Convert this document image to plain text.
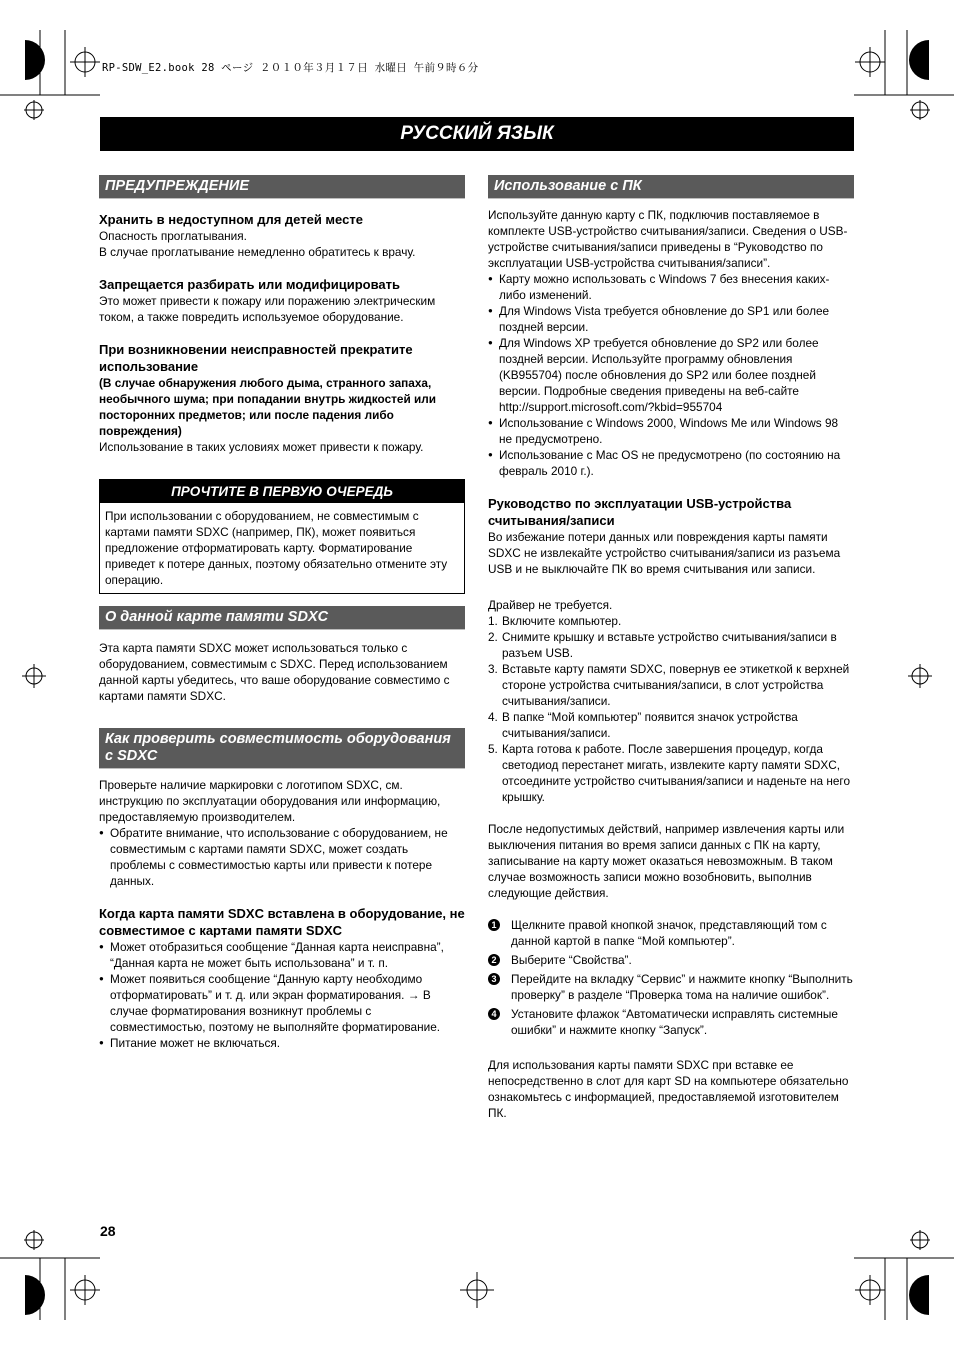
RP-SDW_E2.book 28 ページ ２０１０年３月１７日 水曜日 午前９時６分
РУССКИЙ ЯЗЫК
ПРЕДУПРЕЖДЕНИЕ

Хранить в недоступном для детей месте

Опасность проглатывания.

В случае проглатывание немедленно обратитесь к врачу.

Запрещается разбирать или модифицировать

Это может привести к пожару или поражению электрическим током, а также повредить используемое оборудование.

При возникновении неисправностей прекратите использование

(В случае обнаружения любого дыма, странного запаха, необычного шума; при попадании внутрь жидкостей или посторонних предметов; или после падения либо повреждения)

Использование в таких условиях может привести к пожару.

ПРОЧТИТЕ В ПЕРВУЮ ОЧЕРЕДЬ

При использовании с оборудованием, не совместимым с картами памяти SDXC (например, ПК), может появиться предложение отформатировать карту. Форматирование приведет к потере данных, поэтому обязательно отмените эту операцию.

О данной карте памяти SDXC

Эта карта памяти SDXC может использоваться только с оборудованием, совместимым с SDXC. Перед использованием данной карты убедитесь, что ваше оборудование совместимо с картами памяти SDXC.

Как проверить совместимость оборудования с SDXC

Проверьте наличие маркировки с логотипом SDXC, см. инструкцию по эксплуатации оборудования или информацию, предоставляемую производителем.

● Обратите внимание, что использование с оборудованием, не совместимым с картами памяти SDXC, может создать проблемы с совместимостью карты или привести к потере данных.

Когда карта памяти SDXC вставлена в оборудование, не совместимое с картами памяти SDXC

● Может отобразиться сообщение “Данная карта неисправна”, “Данная карта не может быть использована” и т. п.
● Может появиться сообщение “Данную карту необходимо отформатировать” и т. д. или экран форматирования. → В случае форматирования возникнут проблемы с совместимостью, поэтому не выполняйте форматирование.
● Питание может не включаться.
Использование с ПК

Используйте данную карту с ПК, подключив поставляемое в комплекте USB-устройство считывания/записи. Сведения о USB-устройстве считывания/записи приведены в “Руководство по эксплуатации USB-устройства считывания/записи”.

● Карту можно использовать с Windows 7 без внесения каких-либо изменений.
● Для Windows Vista требуется обновление до SP1 или более поздней версии.
● Для Windows XP требуется обновление до SP2 или более поздней версии. Используйте программу обновления (KB955704) после обновления до SP2 или более поздней версии. Подробные сведения приведены на веб-сайте http://support.microsoft.com/?kbid=955704
● Использование с Windows 2000, Windows Me или Windows 98 не предусмотрено.
● Использование с Mac OS не предусмотрено (по состоянию на февраль 2010 г.).

Руководство по эксплуатации USB-устройства считывания/записи

Во избежание потери данных или повреждения карты памяти SDXC не извлекайте устройство считывания/записи из разъема USB и не выключайте ПК во время считывания или записи.

Драйвер не требуется.

1. Включите компьютер.
2. Снимите крышку и вставьте устройство считывания/записи в разъем USB.
3. Вставьте карту памяти SDXC, повернув ее этикеткой к верхней стороне устройства считывания/записи, в слот устройства считывания/записи.
4. В папке “Мой компьютер” появится значок устройства считывания/записи.
5. Карта готова к работе. После завершения процедур, когда светодиод перестанет мигать, извлеките карту памяти SDXC, отсоедините устройство считывания/записи и наденьте на него крышку.

После недопустимых действий, например извлечения карты или выключения питания во время записи данных с ПК на карту, записывание на карту может оказаться невозможным. В таком случае возможность записи можно возобновить, выполнив следующие действия.

1 Щелкните правой кнопкой значок, представляющий том с данной картой в папке “Мой компьютер”.
2 Выберите “Свойства”.
3 Перейдите на вкладку “Сервис” и нажмите кнопку “Выполнить проверку” в разделе “Проверка тома на наличие ошибок”.
4 Установите флажок “Автоматически исправлять системные ошибки” и нажмите кнопку “Запуск”.

Для использования карты памяти SDXC при вставке ее непосредственно в слот для карт SD на компьютере обязательно ознакомьтесь с информацией, предоставляемой изготовителем ПК.

28
